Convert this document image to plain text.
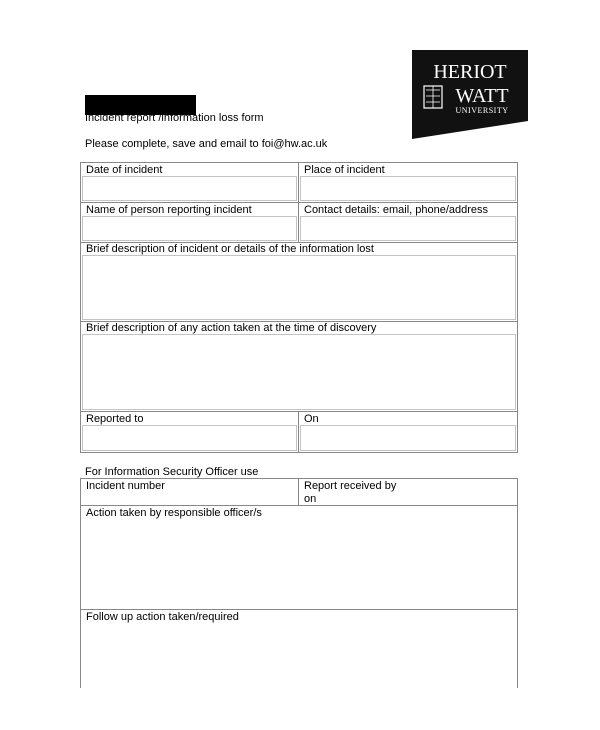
HERIOT
WATT
UNIVERSITY
Incident report /information loss form
Please complete, save and email to foi@hw.ac.uk
Date of incident	Place of incident
Name of person reporting incident	Contact details: email, phone/address
Brief description of incident or details of the information lost
Brief description of any action taken at the time of discovery
Reported to	On
For Information Security Officer use
Incident number	Report received by
on
Action taken by responsible officer/s
Follow up action taken/required
